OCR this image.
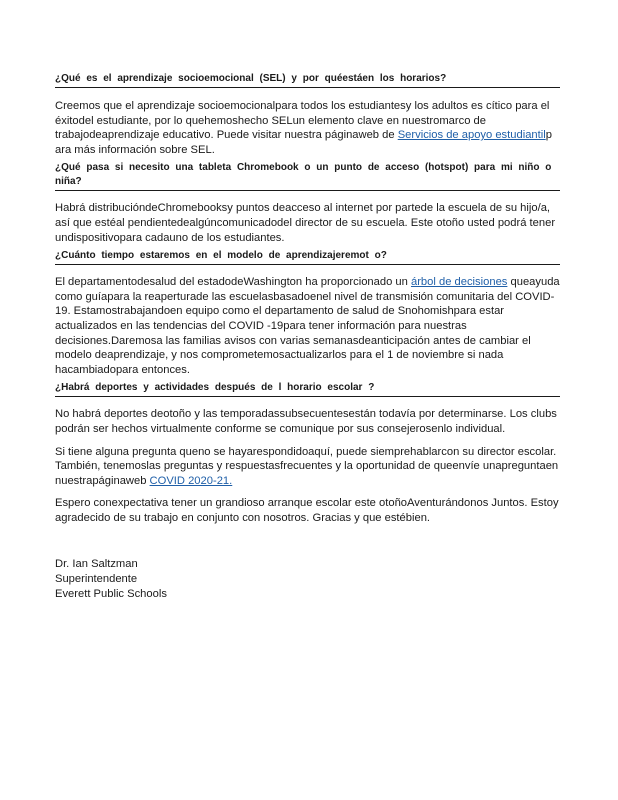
¿Qué es el aprendizaje socioemocional (SEL) y por quéestáen los horarios?

Creemos que el aprendizaje socioemocionalpara todos los estudiantesy los adultos es cítico para el éxitodel estudiante, por lo quehemoshecho SELun elemento clave en nuestromarco de trabajodeaprendizaje educativo. Puede visitar nuestra páginaweb de Servicios de apoyo estudiantilp ara más información sobre SEL.

¿Qué pasa si necesito una tableta Chromebook o un punto de acceso (hotspot) para mi niño o niña?

Habrá distribucióndeChromebooksy puntos deacceso al internet por partede la escuela de su hijo/a, así que estéal pendientedealgúncomunicadodel director de su escuela. Este otoño usted podrá tener undispositivopara cadauno de los estudiantes.

¿Cuánto tiempo estaremos en el modelo de aprendizajeremot o?

El departamentodesalud del estadodeWashington ha proporcionado un árbol de decisiones queayuda como guíapara la reaperturade las escuelasbasadoenel nivel de transmisión comunitaria del COVID-19. Estamostrabajandoen equipo como el departamento de salud de Snohomishpara estar actualizados en las tendencias del COVID -19para tener información para nuestras decisiones.Daremosa las familias avisos con varias semanasdeanticipación antes de cambiar el modelo deaprendizaje, y nos comprometemosactualizarlos para el 1 de noviembre si nada hacambiadopara entonces.

¿Habrá deportes y actividades después de l horario escolar ?

No habrá deportes deotoño y las temporadassubsecuentesestán todavía por determinarse. Los clubs podrán ser hechos virtualmente conforme se comunique por sus consejerosenlo individual.

Si tiene alguna pregunta queno se hayarespondidoaquí, puede siemprehablarcon su director escolar. También, tenemoslas preguntas y respuestasfrecuentes y la oportunidad de queenvíe unapreguntaen nuestrapáginaweb COVID 2020-21.

Espero conexpectativa tener un grandioso arranque escolar este otoñoAventurándonos Juntos. Estoy agradecido de su trabajo en conjunto con nosotros. Gracias y que estébien.

Dr. Ian Saltzman

Superintendente

Everett Public Schools
